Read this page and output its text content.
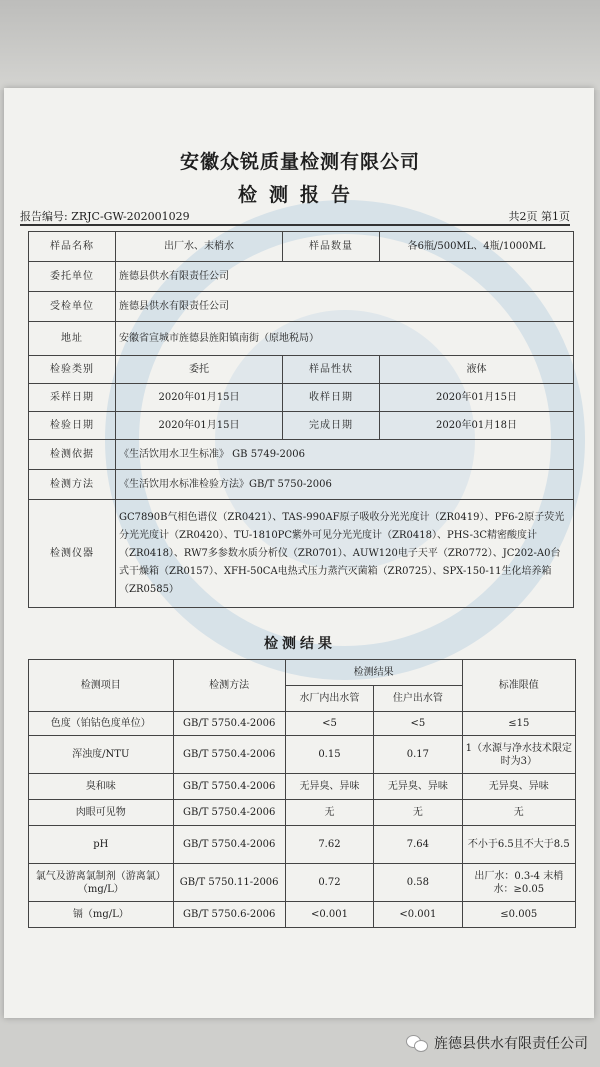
安徽众锐质量检测有限公司
检测报告
报告编号: ZRJC-GW-202001029	共2页 第1页
样品名称	出厂水、末梢水	样品数量	各6瓶/500ML、4瓶/1000ML
委托单位	旌德县供水有限责任公司		
受检单位	旌德县供水有限责任公司		
地址	安徽省宣城市旌德县旌阳镇南街（原地税局）		
检验类别	委托	样品性状	液体
采样日期	2020年01月15日	收样日期	2020年01月15日
检验日期	2020年01月15日	完成日期	2020年01月18日
检测依据	《生活饮用水卫生标准》 GB 5749-2006		
检测方法	《生活饮用水标准检验方法》GB/T 5750-2006		
检测仪器	GC7890B气相色谱仪（ZR0421）、TAS-990AF原子吸收分光光度计（ZR0419）、PF6-2原子荧光分光光度计（ZR0420）、TU-1810PC紫外可见分光光度计（ZR0418）、PHS-3C精密酸度计（ZR0418）、RW7多参数水质分析仪（ZR0701）、AUW120电子天平（ZR0772）、JC202-A0台式干燥箱（ZR0157）、XFH-50CA电热式压力蒸汽灭菌箱（ZR0725）、SPX-150-11生化培养箱（ZR0585）		
检测结果
检测项目	检测方法	检测结果		标准限值
		水厂内出水管	住户出水管	
色度（铂钴色度单位）	GB/T 5750.4-2006	<5	<5	≤15
浑浊度/NTU	GB/T 5750.4-2006	0.15	0.17	1（水源与净水技术限定时为3）
臭和味	GB/T 5750.4-2006	无异臭、异味	无异臭、异味	无异臭、异味
肉眼可见物	GB/T 5750.4-2006	无	无	无
pH	GB/T 5750.4-2006	7.62	7.64	不小于6.5且不大于8.5
氯气及游离氯制剂（游离氯）（mg/L）	GB/T 5750.11-2006	0.72	0.58	出厂水：0.3-4 末梢水：≥0.05
镉（mg/L）	GB/T 5750.6-2006	<0.001	<0.001	≤0.005
旌德县供水有限责任公司
